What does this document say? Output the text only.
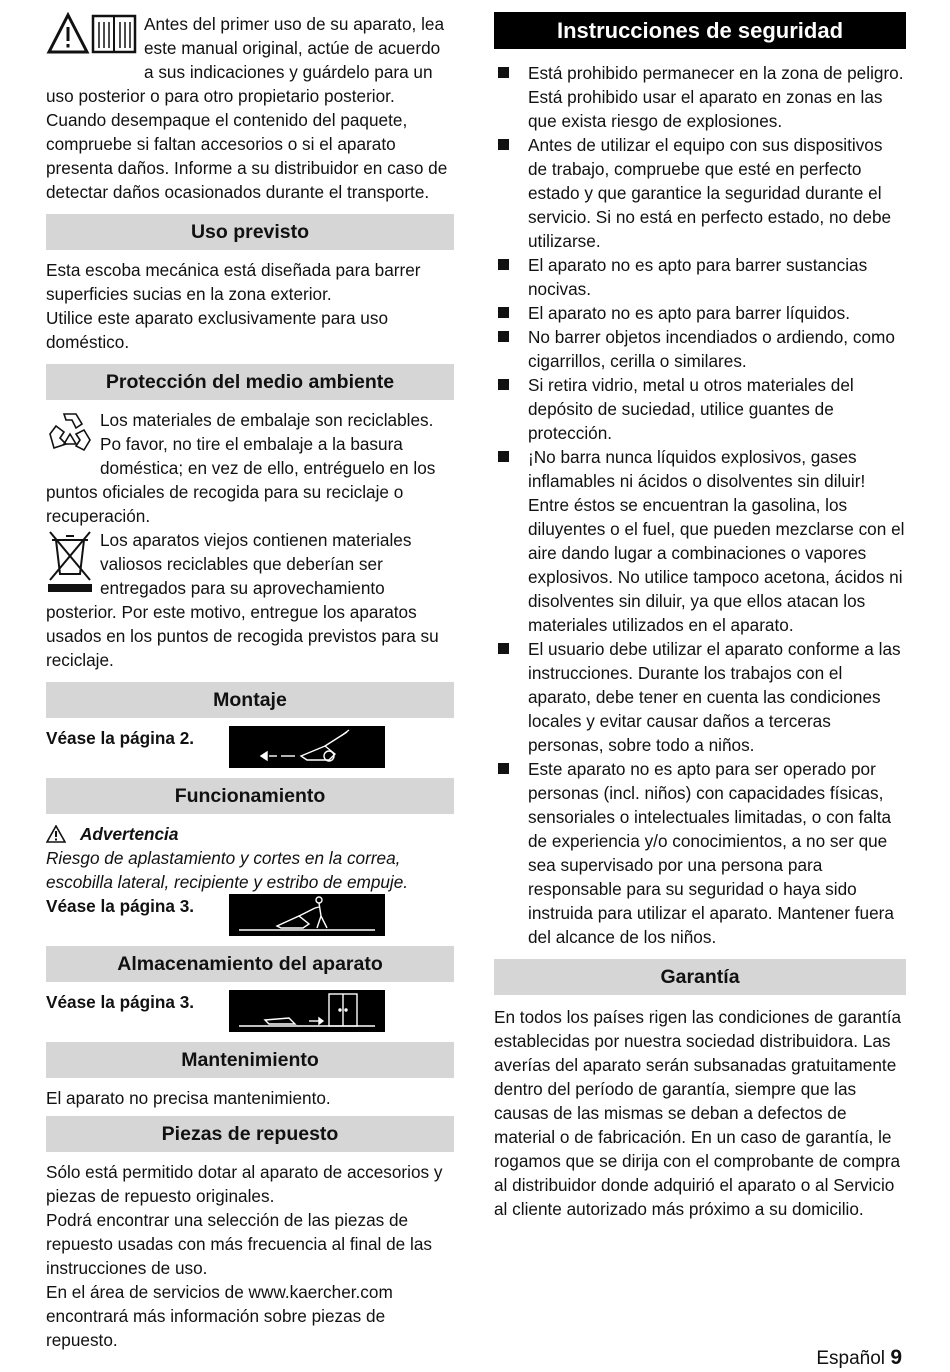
Antes del primer uso de su aparato, lea este manual original, actúe de acuerdo a sus indicaciones y guárdelo para un uso posterior o para otro propietario posterior. Cuando desempaque el contenido del paquete, compruebe si faltan accesorios o si el aparato presenta daños. Informe a su distribuidor en caso de detectar daños ocasionados durante el transporte.

Uso previsto

Esta escoba mecánica está diseñada para barrer superficies sucias en la zona exterior.

Utilice este aparato exclusivamente para uso doméstico.

Protección del medio ambiente

Los materiales de embalaje son reciclables. Po favor, no tire el embalaje a la basura doméstica; en vez de ello, entréguelo en los puntos oficiales de recogida para su reciclaje o recuperación.

Los aparatos viejos contienen materiales valiosos reciclables que deberían ser entregados para su aprovechamiento posterior. Por este motivo, entregue los aparatos usados en los puntos de recogida previstos para su reciclaje.

Montaje
Véase la página 2.
Funcionamiento
Advertencia

Riesgo de aplastamiento y cortes en la correa, escobilla lateral, recipiente y estribo de empuje.

Véase la página 3.
Almacenamiento del aparato
Véase la página 3.
Mantenimiento

El aparato no precisa mantenimiento.

Piezas de repuesto

Sólo está permitido dotar al aparato de accesorios y piezas de repuesto originales.

Podrá encontrar una selección de las piezas de repuesto usadas con más frecuencia al final de las instrucciones de uso.

En el área de servicios de www.kaercher.com encontrará más información sobre piezas de repuesto.

Instrucciones de seguridad
Está prohibido permanecer en la zona de peligro. Está prohibido usar el aparato en zonas en las que exista riesgo de explosiones.
Antes de utilizar el equipo con sus dispositivos de trabajo, compruebe que esté en perfecto estado y que garantice la seguridad durante el servicio. Si no está en perfecto estado, no debe utilizarse.
El aparato no es apto para barrer sustancias nocivas.
El aparato no es apto para barrer líquidos.
No barrer objetos incendiados o ardiendo, como cigarrillos, cerilla o similares.
Si retira vidrio, metal u otros materiales del depósito de suciedad, utilice guantes de protección.
¡No barra nunca líquidos explosivos, gases inflamables ni ácidos o disolventes sin diluir! Entre éstos se encuentran la gasolina, los diluyentes o el fuel, que pueden mezclarse con el aire dando lugar a combinaciones o vapores explosivos. No utilice tampoco acetona, ácidos ni disolventes sin diluir, ya que ellos atacan los materiales utilizados en el aparato.
El usuario debe utilizar el aparato conforme a las instrucciones. Durante los trabajos con el aparato, debe tener en cuenta las condiciones locales y evitar causar daños a terceras personas, sobre todo a niños.
Este aparato no es apto para ser operado por personas (incl. niños) con capacidades físicas, sensoriales o intelectuales limitadas, o con falta de experiencia y/o conocimientos, a no ser que sea supervisado por una persona para responsable para su seguridad o haya sido instruida para utilizar el aparato. Mantener fuera del alcance de los niños.
Garantía

En todos los países rigen las condiciones de garantía establecidas por nuestra sociedad distribuidora. Las averías del aparato serán subsanadas gratuitamente dentro del período de garantía, siempre que las causas de las mismas se deban a defectos de material o de fabricación. En un caso de garantía, le rogamos que se dirija con el comprobante de compra al distribuidor donde adquirió el aparato o al Servicio al cliente autorizado más próximo a su domicilio.

Español 9
